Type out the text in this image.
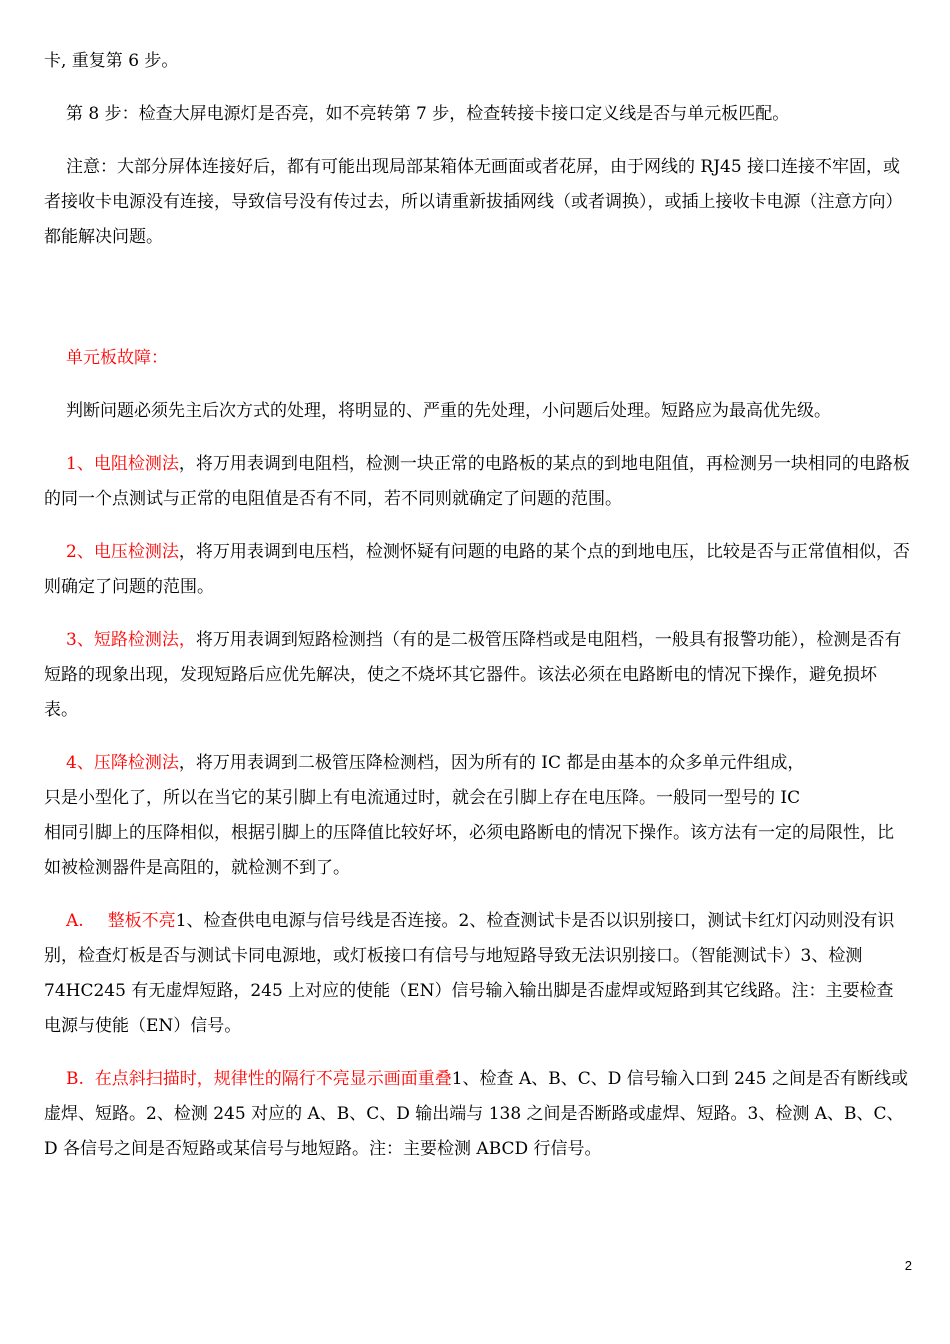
卡, 重复第 6 步。

第 8 步：检查大屏电源灯是否亮，如不亮转第 7 步，检查转接卡接口定义线是否与单元板匹配。

注意：大部分屏体连接好后，都有可能出现局部某箱体无画面或者花屏，由于网线的 RJ45 接口连接不牢固，或者接收卡电源没有连接，导致信号没有传过去，所以请重新拔插网线（或者调换），或插上接收卡电源（注意方向）都能解决问题。

单元板故障：

判断问题必须先主后次方式的处理，将明显的、严重的先处理，小问题后处理。短路应为最高优先级。

1、电阻检测法，将万用表调到电阻档，检测一块正常的电路板的某点的到地电阻值，再检测另一块相同的电路板的同一个点测试与正常的电阻值是否有不同，若不同则就确定了问题的范围。

2、电压检测法，将万用表调到电压档，检测怀疑有问题的电路的某个点的到地电压，比较是否与正常值相似，否则确定了问题的范围。

3、短路检测法，将万用表调到短路检测挡（有的是二极管压降档或是电阻档，一般具有报警功能），检测是否有短路的现象出现，发现短路后应优先解决，使之不烧坏其它器件。该法必须在电路断电的情况下操作，避免损坏表。

4、压降检测法，将万用表调到二极管压降检测档，因为所有的 IC 都是由基本的众多单元件组成，
只是小型化了，所以在当它的某引脚上有电流通过时，就会在引脚上存在电压降。一般同一型号的 IC
相同引脚上的压降相似，根据引脚上的压降值比较好坏，必须电路断电的情况下操作。该方法有一定的局限性，比如被检测器件是高阻的，就检测不到了。

A. 整板不亮1、检查供电电源与信号线是否连接。2、检查测试卡是否以识别接口，测试卡红灯闪动则没有识别，检查灯板是否与测试卡同电源地，或灯板接口有信号与地短路导致无法识别接口。（智能测试卡）3、检测 74HC245 有无虚焊短路，245 上对应的使能（EN）信号输入输出脚是否虚焊或短路到其它线路。注：主要检查电源与使能（EN）信号。

B. 在点斜扫描时，规律性的隔行不亮显示画面重叠1、检查 A、B、C、D 信号输入口到 245 之间是否有断线或虚焊、短路。2、检测 245 对应的 A、B、C、D 输出端与 138 之间是否断路或虚焊、短路。3、检测 A、B、C、D 各信号之间是否短路或某信号与地短路。注：主要检测 ABCD 行信号。

2
